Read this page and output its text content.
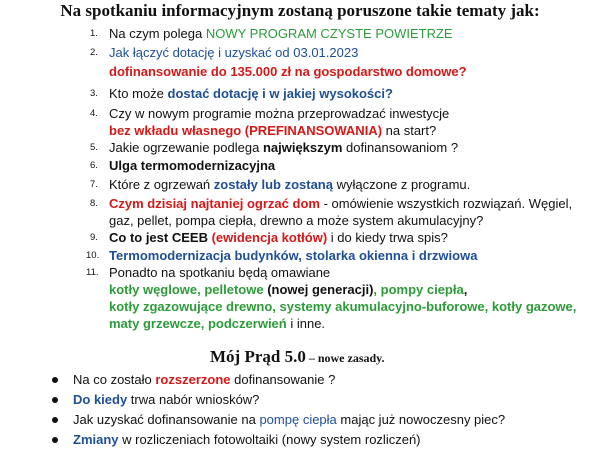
Na spotkaniu informacyjnym zostaną poruszone takie tematy jak:
1. Na czym polega NOWY PROGRAM CZYSTE POWIETRZE
2. Jak łączyć dotację i uzyskać od 03.01.2023
dofinansowanie do 135.000 zł na gospodarstwo domowe?
3. Kto może dostać dotację i w jakiej wysokości?
4. Czy w nowym programie można przeprowadzać inwestycje
bez wkładu własnego (PREFINANSOWANIA) na start?
5. Jakie ogrzewanie podlega największym dofinansowaniom ?
6. Ulga termomodernizacyjna
7. Które z ogrzewań zostały lub zostaną wyłączone z programu.
8. Czym dzisiaj najtaniej ogrzać dom - omówienie wszystkich rozwiązań. Węgiel,
gaz, pellet, pompa ciepła, drewno a może system akumulacyjny?
9. Co to jest CEEB (ewidencja kotłów) i do kiedy trwa spis?
10. Termomodernizacja budynków, stolarka okienna i drzwiowa
11. Ponadto na spotkaniu będą omawiane
kotły węglowe, pelletowe (nowej generacji), pompy ciepła,
kotły zgazowujące drewno, systemy akumulacyjno-buforowe, kotły gazowe,
maty grzewcze, podczerwień i inne.
Mój Prąd 5.0 – nowe zasady.
Na co zostało rozszerzone dofinansowanie ?
Do kiedy trwa nabór wniosków?
Jak uzyskać dofinansowanie na pompę ciepła mając już nowoczesny piec?
Zmiany w rozliczeniach fotowoltaiki (nowy system rozliczeń)
